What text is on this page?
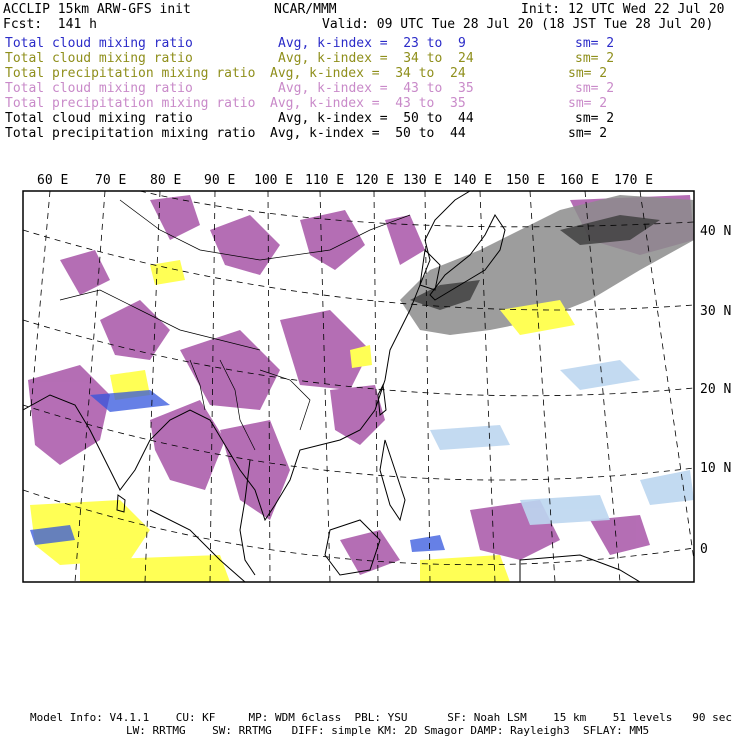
ACCLIP 15km ARW-GFS init	NCAR/MMM	Init: 12 UTC Wed 22 Jul 20
Fcst:  141 h	Valid: 09 UTC Tue 28 Jul 20 (18 JST Tue 28 Jul 20)
Total cloud mixing ratio	Avg, k-index =  23 to  9	sm= 2
Total cloud mixing ratio	Avg, k-index =  34 to  24	sm= 2
Total precipitation mixing ratio Avg, k-index =  34 to  24	sm= 2
Total cloud mixing ratio	Avg, k-index =  43 to  35	sm= 2
Total precipitation mixing ratio Avg, k-index =  43 to  35	sm= 2
Total cloud mixing ratio	Avg, k-index =  50 to  44	sm= 2
Total precipitation mixing ratio Avg, k-index =  50 to  44	sm= 2
60 E 70 E 80 E 90 E 100 E 110 E 120 E 130 E 140 E 150 E 160 E 170 E
40 N
30 N
20 N
10 N
0
Model Info: V4.1.1    CU: KF     MP: WDM 6class  PBL: YSU      SF: Noah LSM    15 km    51 levels   90 sec
LW: RRTMG    SW: RRTMG   DIFF: simple KM: 2D Smagor DAMP: Rayleigh3  SFLAY: MM5
